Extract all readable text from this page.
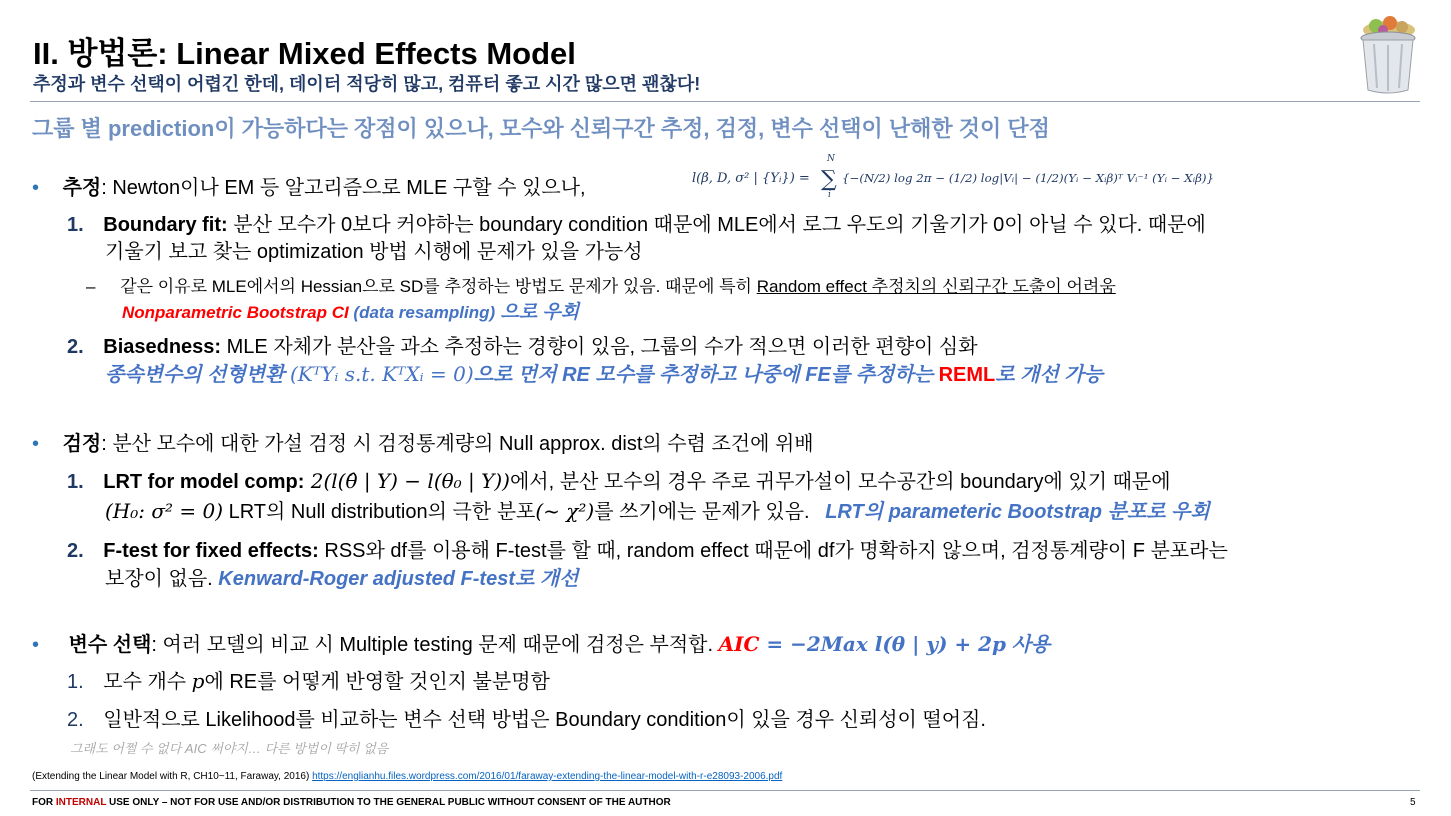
II. 방법론: Linear Mixed Effects Model
추정과 변수 선택이 어렵긴 한데, 데이터 적당히 많고, 컴퓨터 좋고 시간 많으면 괜찮다!
그룹 별 prediction이 가능하다는 장점이 있으나, 모수와 신뢰구간 추정, 검정, 변수 선택이 난해한 것이 단점
• 추정: Newton이나 EM 등 알고리즘으로 MLE 구할 수 있으나,	l(β, D, σ² | {Yᵢ}) =
N
∑
i
{−(N/2) log 2π − (1/2) log|Vᵢ| − (1/2)(Yᵢ − Xᵢβ)ᵀ Vᵢ⁻¹ (Yᵢ − Xᵢβ)}
1. Boundary fit: 분산 모수가 0보다 커야하는 boundary condition 때문에 MLE에서 로그 우도의 기울기가 0이 아닐 수 있다. 때문에
기울기 보고 찾는 optimization 방법 시행에 문제가 있을 가능성
– 같은 이유로 MLE에서의 Hessian으로 SD를 추정하는 방법도 문제가 있음. 때문에 특히 Random effect 추정치의 신뢰구간 도출이 어려움
Nonparametric Bootstrap CI (data resampling) 으로 우회
2. Biasedness: MLE 자체가 분산을 과소 추정하는 경향이 있음, 그룹의 수가 적으면 이러한 편향이 심화
종속변수의 선형변환 (KᵀYᵢ s.t. KᵀXᵢ = 0)으로 먼저 RE 모수를 추정하고 나중에 FE를 추정하는 REML로 개선 가능
• 검정: 분산 모수에 대한 가설 검정 시 검정통계량의 Null approx. dist의 수렴 조건에 위배
1. LRT for model comp: 2(l(θ̂ | Y) − l(θ₀ | Y))에서, 분산 모수의 경우 주로 귀무가설이 모수공간의 boundary에 있기 때문에
(H₀: σ² = 0) LRT의 Null distribution의 극한 분포(~ χ²)를 쓰기에는 문제가 있음. LRT의 parameteric Bootstrap 분포로 우회
2. F-test for fixed effects: RSS와 df를 이용해 F-test를 할 때, random effect 때문에 df가 명확하지 않으며, 검정통계량이 F 분포라는
보장이 없음. Kenward-Roger adjusted F-test로 개선
• 변수 선택: 여러 모델의 비교 시 Multiple testing 문제 때문에 검정은 부적합. AIC = −2Max l(θ | y) + 2p 사용
1. 모수 개수 p에 RE를 어떻게 반영할 것인지 불분명함
2. 일반적으로 Likelihood를 비교하는 변수 선택 방법은 Boundary condition이 있을 경우 신뢰성이 떨어짐.
그래도 어쩔 수 없다 AIC 써야지… 다른 방법이 딱히 없음
(Extending the Linear Model with R, CH10~11, Faraway, 2016) https://englianhu.files.wordpress.com/2016/01/faraway-extending-the-linear-model-with-r-e28093-2006.pdf
FOR INTERNAL USE ONLY – NOT FOR USE AND/OR DISTRIBUTION TO THE GENERAL PUBLIC WITHOUT CONSENT OF THE AUTHOR	5
